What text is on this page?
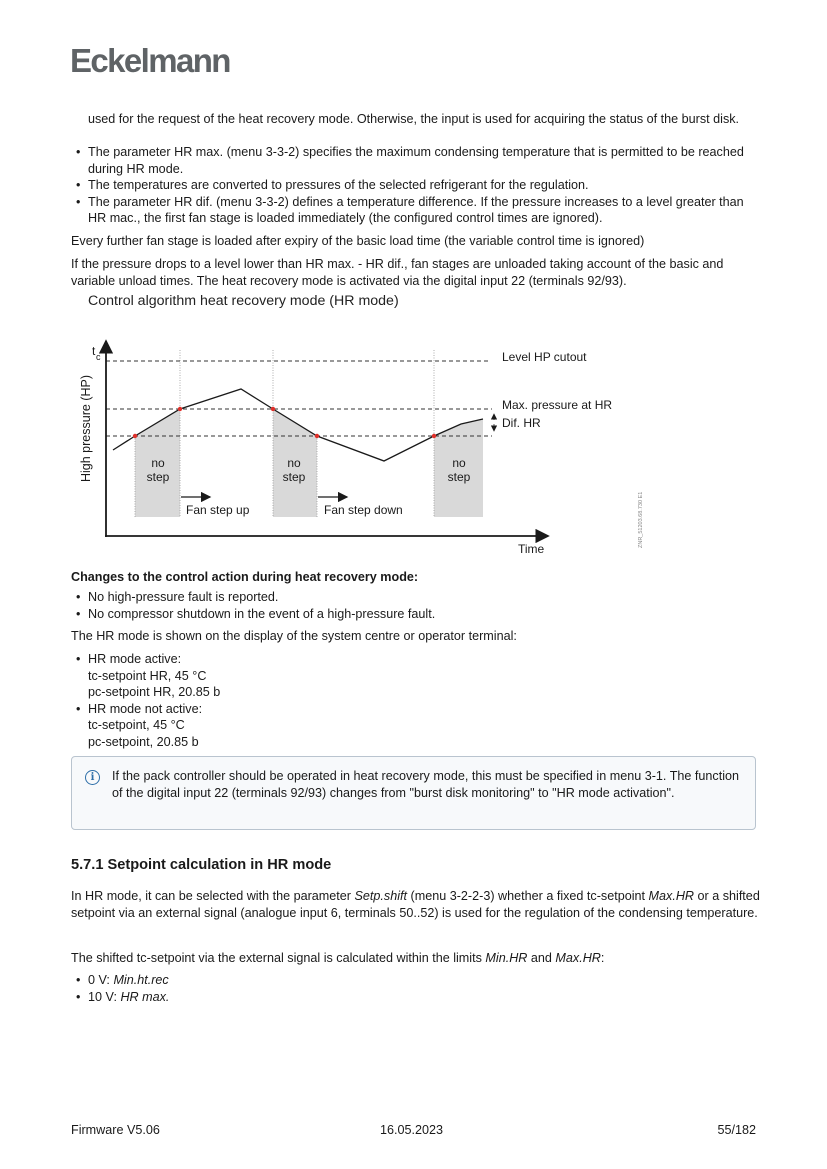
Eckelmann
used for the request of the heat recovery mode. Otherwise, the input is used for acquiring the status of the burst disk.
• The parameter HR max. (menu 3-3-2) specifies the maximum condensing temperature that is permitted to be reached during HR mode.
• The temperatures are converted to pressures of the selected refrigerant for the regulation.
• The parameter HR dif. (menu 3-3-2) defines a temperature difference. If the pressure increases to a level greater than HR mac., the first fan stage is loaded immediately (the configured control times are ignored).
Every further fan stage is loaded after expiry of the basic load time (the variable control time is ignored)
If the pressure drops to a level lower than HR max. - HR dif., fan stages are unloaded taking account of the basic and variable unload times. The heat recovery mode is activated via the digital input 22 (terminals 92/93).
Control algorithm heat recovery mode (HR mode)
t c
High pressure (HP)
Time
Level HP cutout
Max. pressure at HR
Dif. HR
no
step
no
step
no
step
Fan step up	Fan step down	ZNR_51203.68.730 E1
Changes to the control action during heat recovery mode:
• No high-pressure fault is reported.
• No compressor shutdown in the event of a high-pressure fault.
The HR mode is shown on the display of the system centre or operator terminal:
• HR mode active:
tc-setpoint HR, 45 °C
pc-setpoint HR, 20.85 b
• HR mode not active:
tc-setpoint, 45 °C
pc-setpoint, 20.85 b
i	If the pack controller should be operated in heat recovery mode, this must be specified in menu 3-1. The function of the digital input 22 (terminals 92/93) changes from "burst disk monitoring" to "HR mode activation".
5.7.1 Setpoint calculation in HR mode
In HR mode, it can be selected with the parameter Setp.shift (menu 3-2-2-3) whether a fixed tc-setpoint Max.HR or a shifted setpoint via an external signal (analogue input 6, terminals 50..52) is used for the regulation of the condensing temperature.
The shifted tc-setpoint via the external signal is calculated within the limits Min.HR and Max.HR:
• 0 V: Min.ht.rec
• 10 V: HR max.
Firmware V5.06	16.05.2023	55/182
